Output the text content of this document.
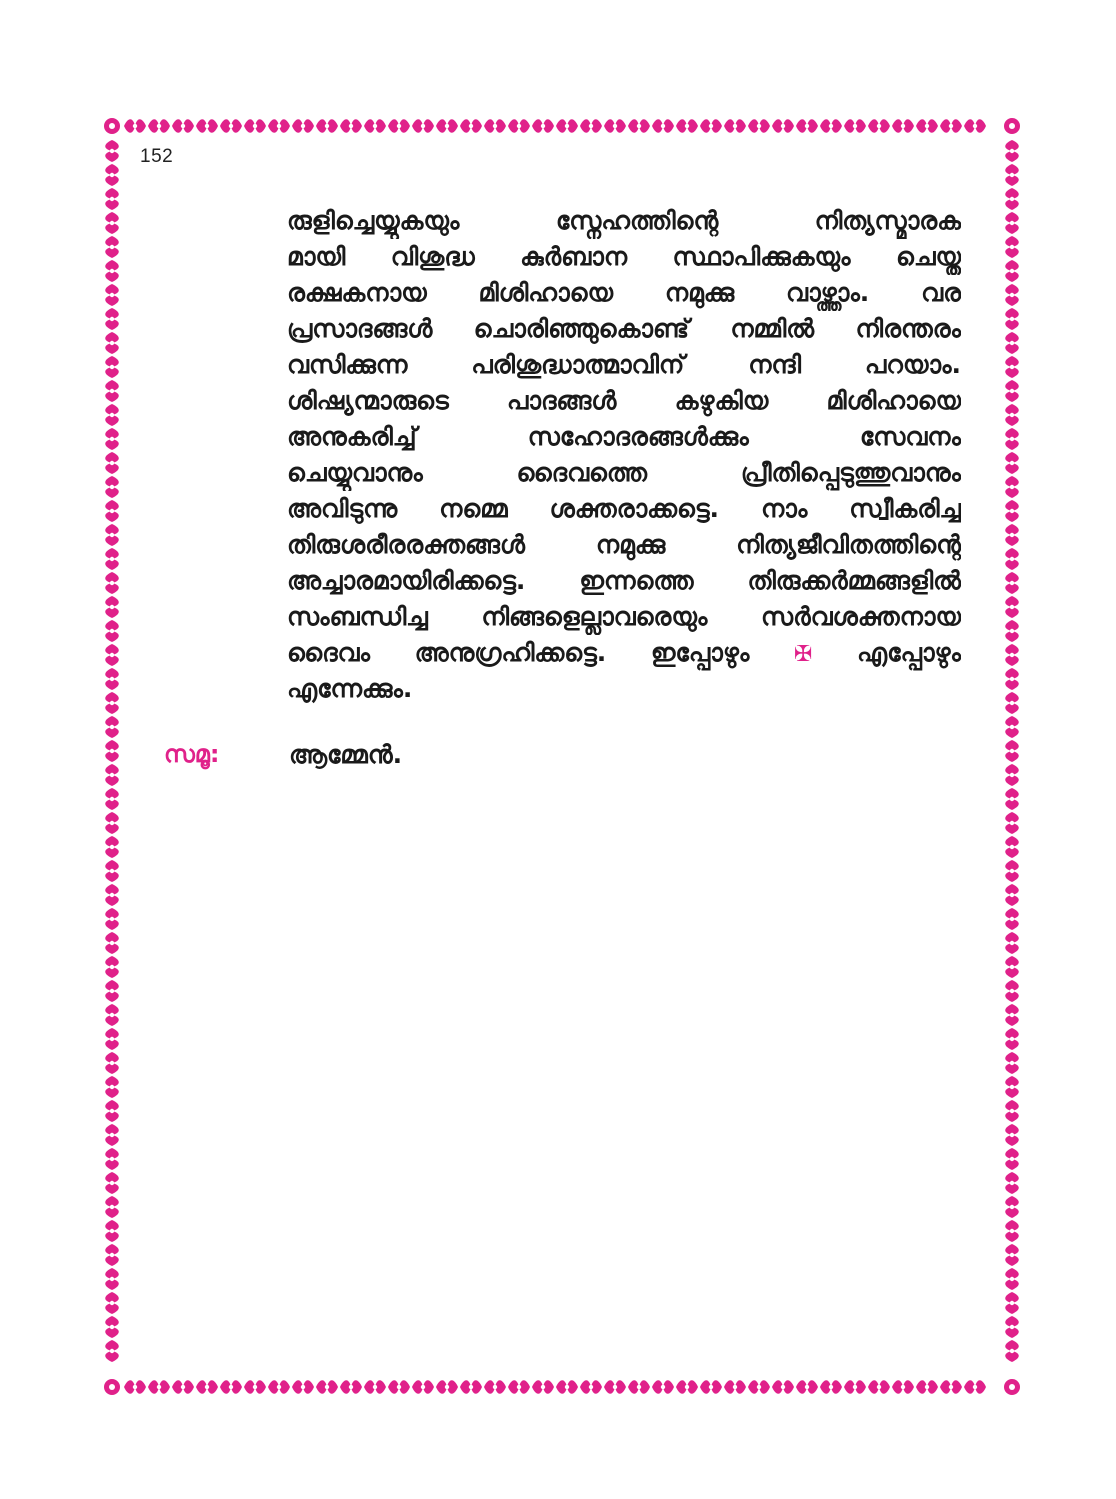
152
രുളിച്ചെയ്യുകയും സ്നേഹത്തിന്റെ നിത്യസ്മാരക
മായി വിശുദ്ധ കുർബാന സ്ഥാപിക്കുകയും ചെയ്ത
രക്ഷകനായ മിശിഹായെ നമുക്കു വാഴ്ത്താം. വര
പ്രസാദങ്ങൾ ചൊരിഞ്ഞുകൊണ്ട് നമ്മിൽ നിരന്തരം
വസിക്കുന്ന പരിശുദ്ധാത്മാവിന് നന്ദി പറയാം.
ശിഷ്യന്മാരുടെ പാദങ്ങൾ കഴുകിയ മിശിഹായെ
അനുകരിച്ച് സഹോദരങ്ങൾക്കും സേവനം
ചെയ്യുവാനും ദൈവത്തെ പ്രീതിപ്പെടുത്തുവാനും
അവിടുന്നു നമ്മെ ശക്തരാക്കട്ടെ. നാം സ്വീകരിച്ച
തിരുശരീരരക്തങ്ങൾ നമുക്കു നിത്യജീവിതത്തിന്റെ
അച്ചാരമായിരിക്കട്ടെ. ഇന്നത്തെ തിരുക്കർമ്മങ്ങളിൽ
സംബന്ധിച്ച നിങ്ങളെല്ലാവരെയും സർവശക്തനായ
ദൈവം അനുഗ്രഹിക്കട്ടെ. ഇപ്പോഴും ✠ എപ്പോഴും
എന്നേക്കും.
സമൂ:	ആമ്മേൻ.
